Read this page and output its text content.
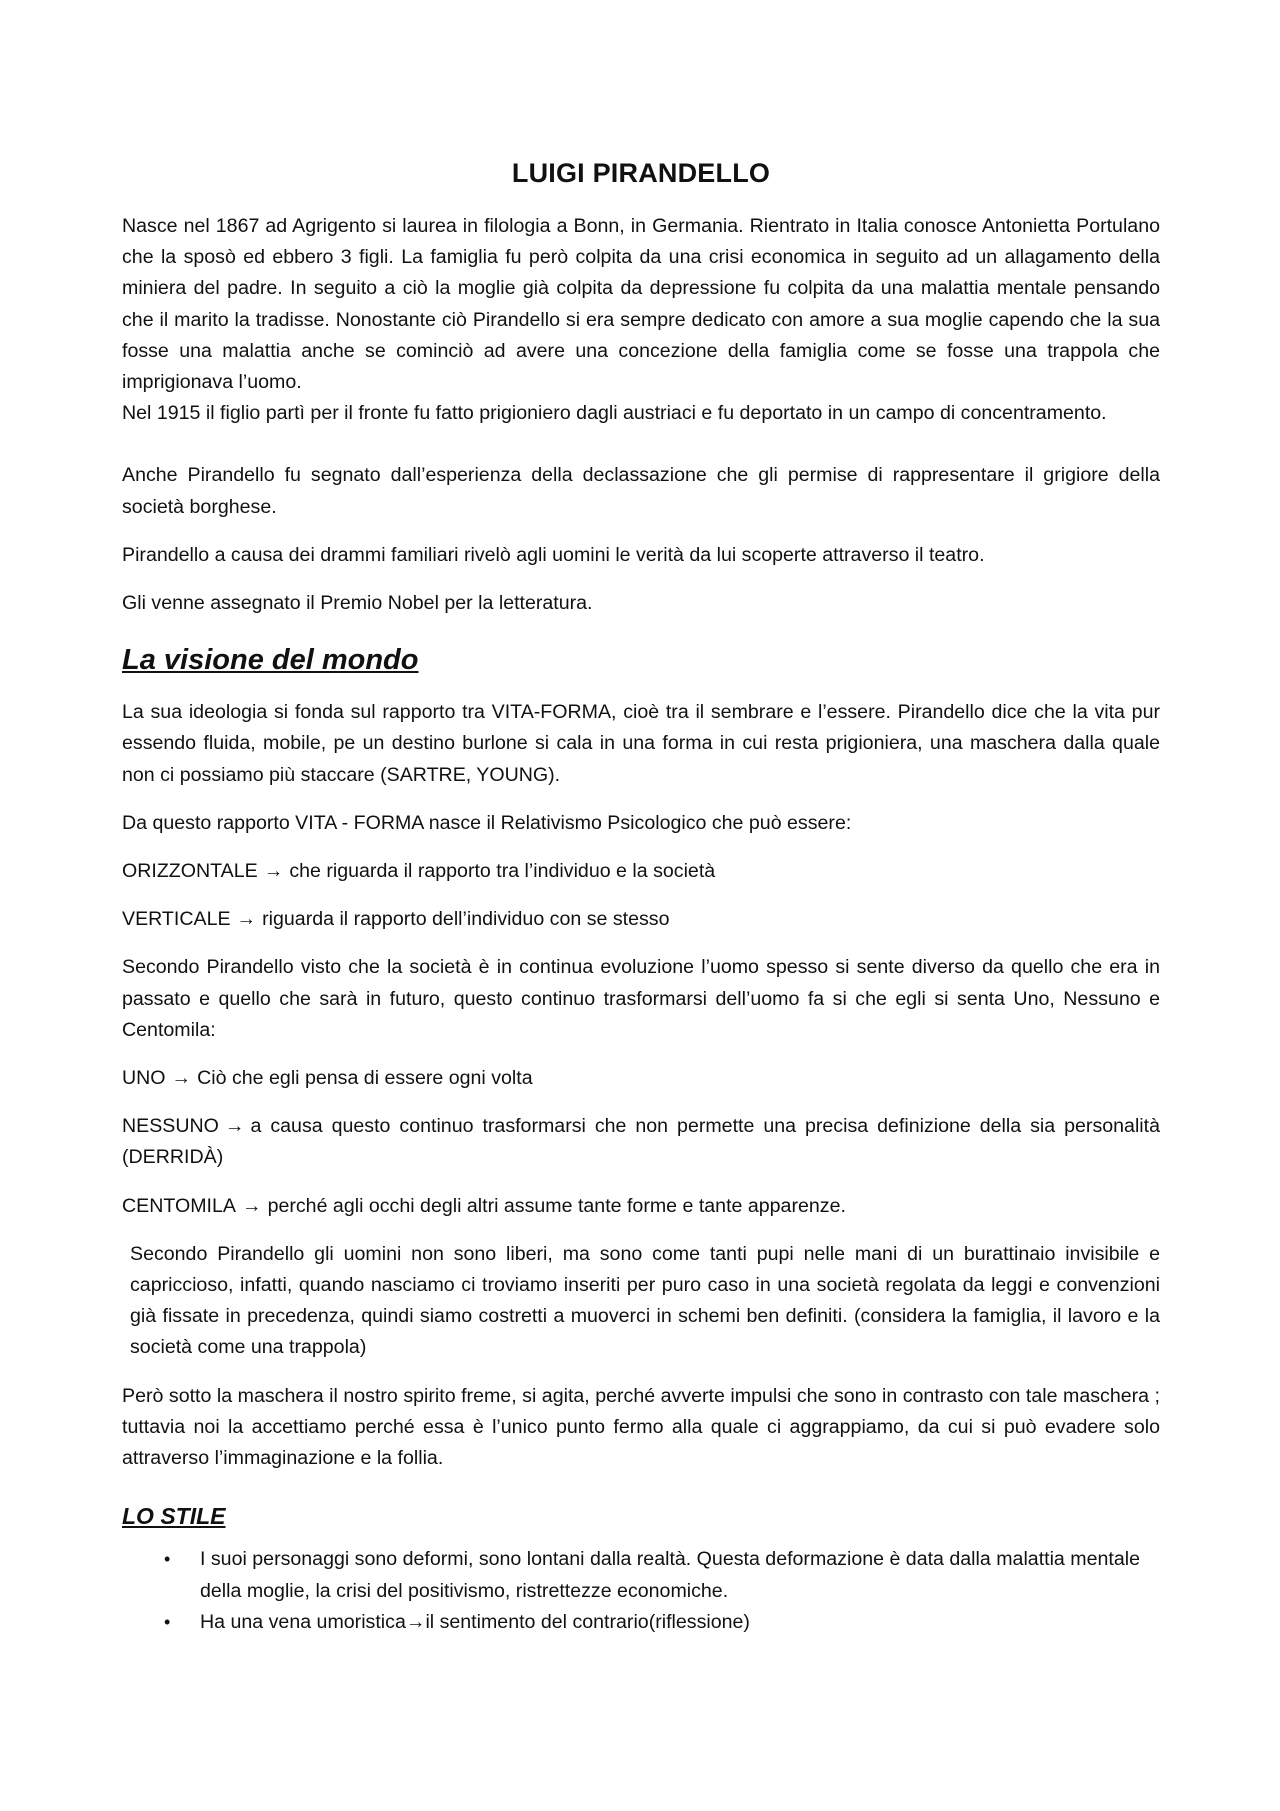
LUIGI PIRANDELLO

Nasce nel 1867 ad Agrigento si laurea in filologia a Bonn, in Germania. Rientrato in Italia conosce Antonietta Portulano che la sposò ed ebbero 3 figli. La famiglia fu però colpita da una crisi economica in seguito ad un allagamento della miniera del padre. In seguito a ciò la moglie già colpita da depressione fu colpita da una malattia mentale pensando che il marito la tradisse. Nonostante ciò Pirandello si era sempre dedicato con amore a sua moglie capendo che la sua fosse una malattia anche se cominciò ad avere una concezione della famiglia come se fosse una trappola che imprigionava l’uomo.

Nel 1915 il figlio partì per il fronte fu fatto prigioniero dagli austriaci e fu deportato in un campo di concentramento.

Anche Pirandello fu segnato dall’esperienza della declassazione che gli permise di rappresentare il grigiore della società borghese.

Pirandello a causa dei drammi familiari rivelò agli uomini le verità da lui scoperte attraverso il teatro.

Gli venne assegnato il Premio Nobel per la letteratura.

La visione del mondo

La sua ideologia si fonda sul rapporto tra VITA-FORMA, cioè tra il sembrare e l’essere. Pirandello dice che la vita pur essendo fluida, mobile, pe un destino burlone si cala in una forma in cui resta prigioniera, una maschera dalla quale non ci possiamo più staccare (SARTRE, YOUNG).

Da questo rapporto VITA - FORMA nasce il Relativismo Psicologico che può essere:

ORIZZONTALE → che riguarda il rapporto tra l’individuo e la società

VERTICALE → riguarda il rapporto dell’individuo con se stesso

Secondo Pirandello visto che la società è in continua evoluzione l’uomo spesso si sente diverso da quello che era in passato e quello che sarà in futuro, questo continuo trasformarsi dell’uomo fa si che egli si senta Uno, Nessuno e Centomila:

UNO → Ciò che egli pensa di essere ogni volta

NESSUNO → a causa questo continuo trasformarsi che non permette una precisa definizione della sia personalità (DERRIDÀ)

CENTOMILA → perché agli occhi degli altri assume tante forme e tante apparenze.

Secondo Pirandello gli uomini non sono liberi, ma sono come tanti pupi nelle mani di un burattinaio invisibile e capriccioso, infatti, quando nasciamo ci troviamo inseriti per puro caso in una società regolata da leggi e convenzioni già fissate in precedenza, quindi siamo costretti a muoverci in schemi ben definiti. (considera la famiglia, il lavoro e la società come una trappola)

Però sotto la maschera il nostro spirito freme, si agita, perché avverte impulsi che sono in contrasto con tale maschera ; tuttavia noi la accettiamo perché essa è l’unico punto fermo alla quale ci aggrappiamo, da cui si può evadere solo attraverso l’immaginazione e la follia.

LO STILE
• I suoi personaggi sono deformi, sono lontani dalla realtà. Questa deformazione è data dalla malattia mentale della moglie, la crisi del positivismo, ristrettezze economiche.
• Ha una vena umoristica→il sentimento del contrario(riflessione)
